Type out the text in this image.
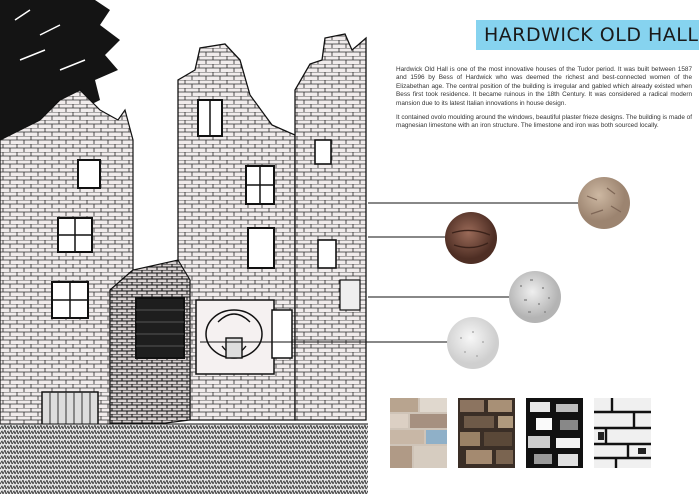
HARDWICK OLD HALL

Hardwick Old Hall is one of the most innovative houses of the Tudor period. It was built between 1587 and 1596 by Bess of Hardwick who was deemed the richest and best-connected women of the Elizabethan age. The central position of the building is irregular and gabled which already existed when Bess first took residence. It became ruinous in the 18th Century. It was considered a radical modern mansion due to its latest Italian innovations in house design.

It contained ovolo moulding around the windows, beautiful plaster frieze designs. The building is made of magnesian limestone with an iron structure. The limestone and iron was both sourced locally.
